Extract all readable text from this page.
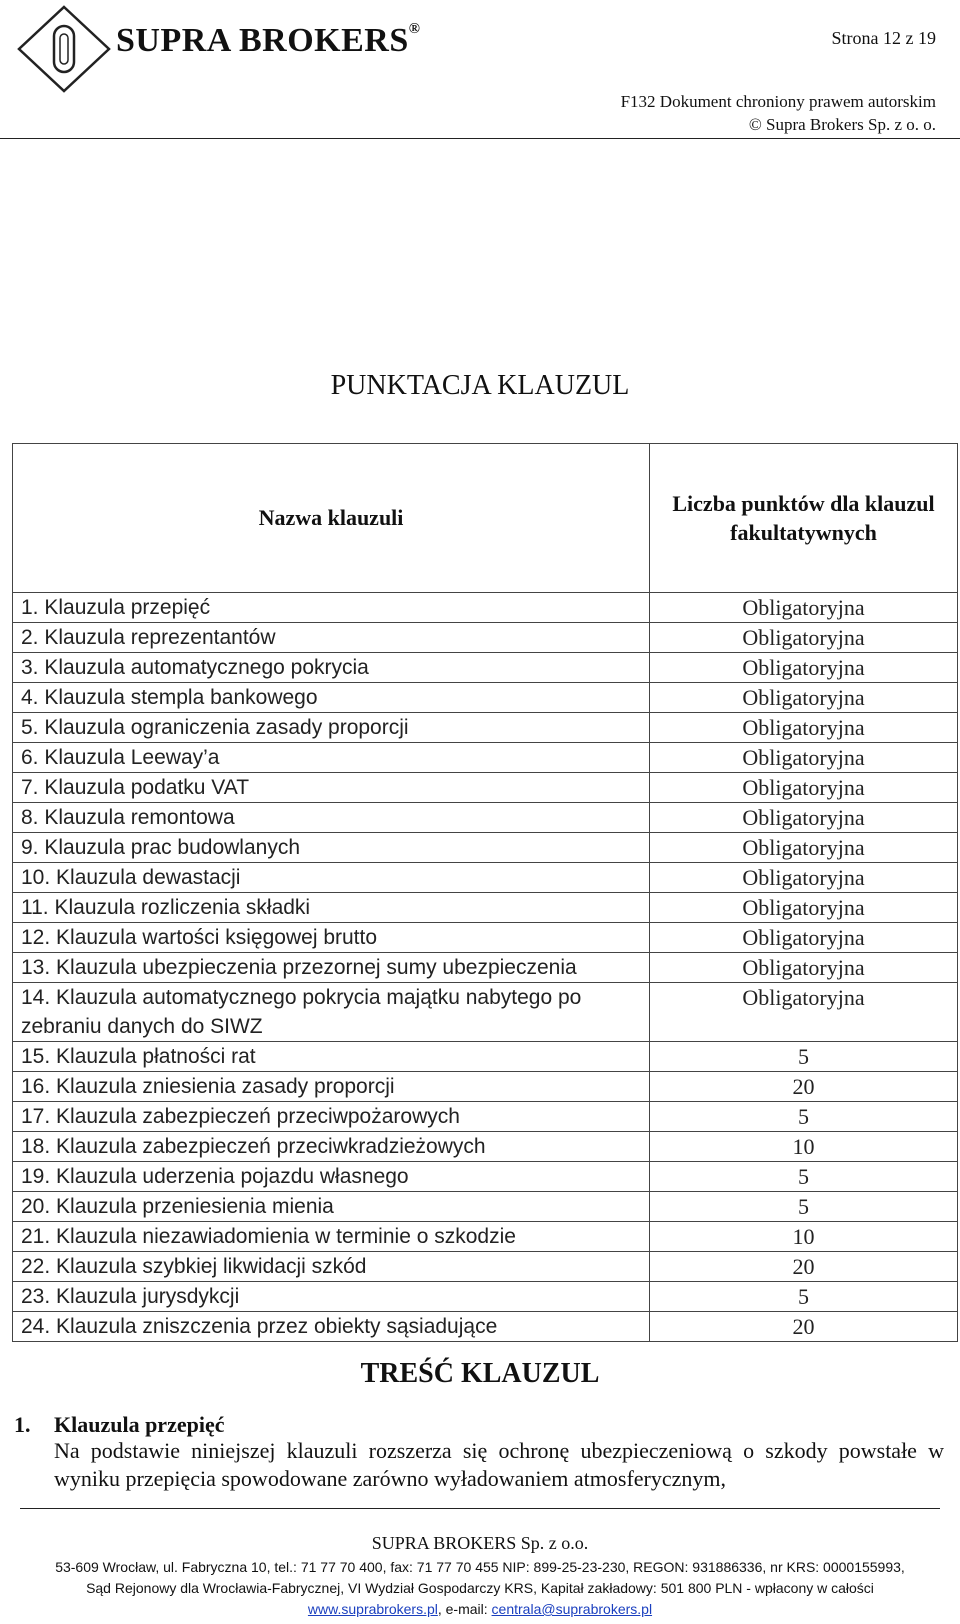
SUPRA BROKERS®	Strona 12 z 19
F132 Dokument chroniony prawem autorskim
© Supra Brokers Sp. z o. o.
PUNKTACJA KLAUZUL
Nazwa klauzuli	Liczba punktów dla klauzul fakultatywnych
1. Klauzula przepięć	Obligatoryjna
2. Klauzula reprezentantów	Obligatoryjna
3. Klauzula automatycznego pokrycia	Obligatoryjna
4. Klauzula stempla bankowego	Obligatoryjna
5. Klauzula ograniczenia zasady proporcji	Obligatoryjna
6. Klauzula Leeway’a	Obligatoryjna
7. Klauzula podatku VAT	Obligatoryjna
8. Klauzula remontowa	Obligatoryjna
9. Klauzula prac budowlanych	Obligatoryjna
10. Klauzula dewastacji	Obligatoryjna
11. Klauzula rozliczenia składki	Obligatoryjna
12. Klauzula wartości księgowej brutto	Obligatoryjna
13. Klauzula ubezpieczenia przezornej sumy ubezpieczenia	Obligatoryjna
14. Klauzula automatycznego pokrycia majątku nabytego po zebraniu danych do SIWZ	Obligatoryjna
15. Klauzula płatności rat	5
16. Klauzula zniesienia zasady proporcji	20
17. Klauzula zabezpieczeń przeciwpożarowych	5
18. Klauzula zabezpieczeń przeciwkradzieżowych	10
19. Klauzula uderzenia pojazdu własnego	5
20. Klauzula przeniesienia mienia	5
21. Klauzula niezawiadomienia w terminie o szkodzie	10
22. Klauzula szybkiej likwidacji szkód	20
23. Klauzula jurysdykcji	5
24. Klauzula zniszczenia przez obiekty sąsiadujące	20
TREŚĆ KLAUZUL
1. Klauzula przepięć
Na podstawie niniejszej klauzuli rozszerza się ochronę ubezpieczeniową o szkody powstałe w wyniku przepięcia spowodowane zarówno wyładowaniem atmosferycznym,
SUPRA BROKERS Sp. z o.o.
53-609 Wrocław, ul. Fabryczna 10, tel.: 71 77 70 400, fax: 71 77 70 455 NIP: 899-25-23-230, REGON: 931886336, nr KRS: 0000155993,
Sąd Rejonowy dla Wrocławia-Fabrycznej, VI Wydział Gospodarczy KRS, Kapitał zakładowy: 501 800 PLN - wpłacony w całości
www.suprabrokers.pl, e-mail: centrala@suprabrokers.pl
